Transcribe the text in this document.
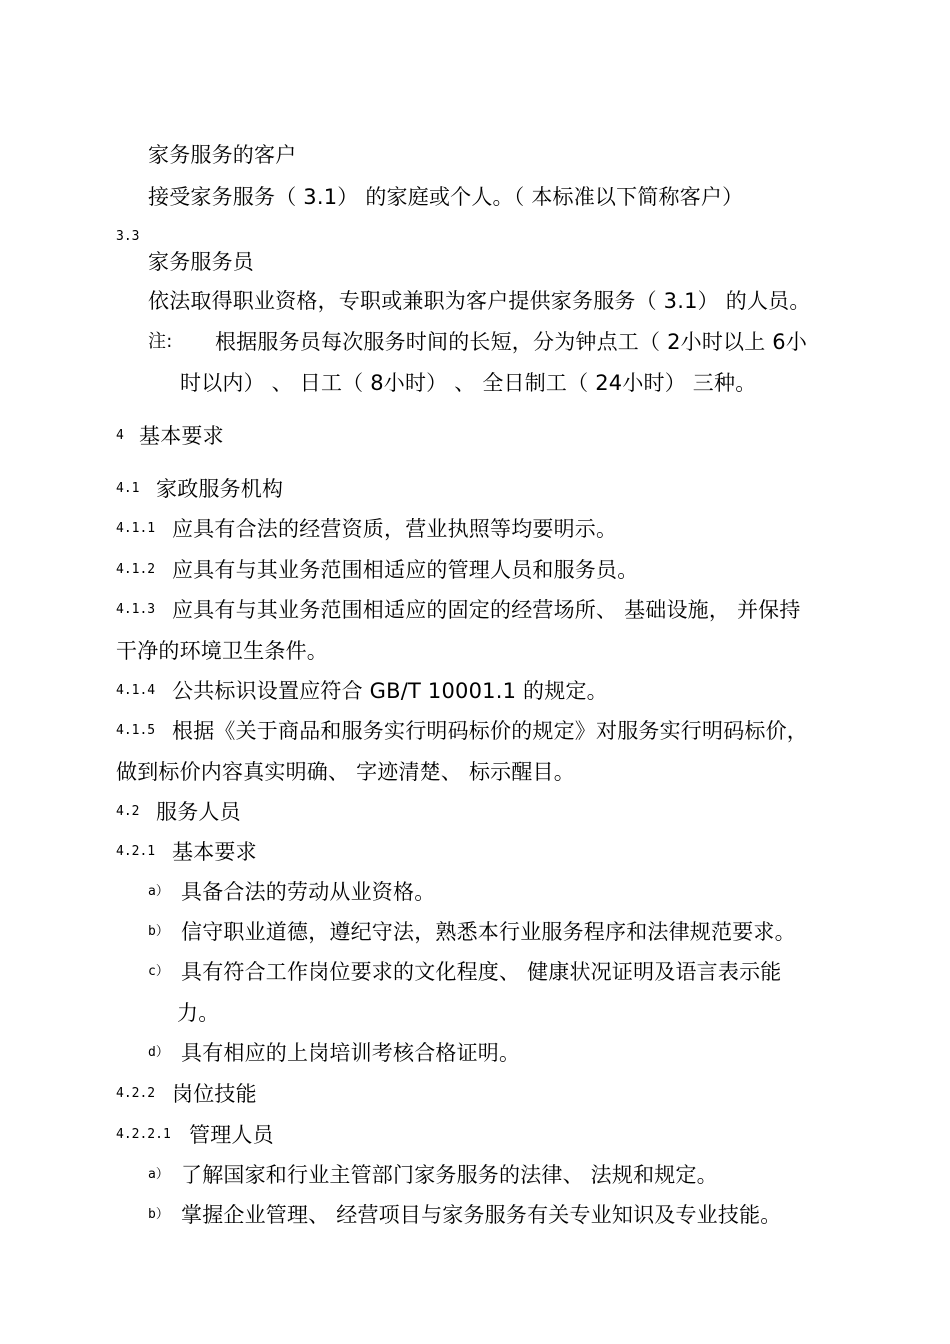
家务服务的客户
接受家务服务（ 3.1） 的家庭或个人。（ 本标准以下简称客户）
3.3
家务服务员
依法取得职业资格，专职或兼职为客户提供家务服务（ 3.1） 的人员。
注: 根据服务员每次服务时间的长短，分为钟点工（ 2小时以上 6小
时以内） 、 日工（ 8小时） 、 全日制工（ 24小时） 三种。
4 基本要求
4.1 家政服务机构
4.1.1 应具有合法的经营资质，营业执照等均要明示。
4.1.2 应具有与其业务范围相适应的管理人员和服务员。
4.1.3 应具有与其业务范围相适应的固定的经营场所、 基础设施， 并保持
干净的环境卫生条件。
4.1.4 公共标识设置应符合 GB/T 10001.1 的规定。
4.1.5 根据《关于商品和服务实行明码标价的规定》对服务实行明码标价，
做到标价内容真实明确、 字迹清楚、 标示醒目。
4.2 服务人员
4.2.1 基本要求
a） 具备合法的劳动从业资格。
b） 信守职业道德，遵纪守法，熟悉本行业服务程序和法律规范要求。
c） 具有符合工作岗位要求的文化程度、 健康状况证明及语言表示能
力。
d） 具有相应的上岗培训考核合格证明。
4.2.2 岗位技能
4.2.2.1 管理人员
a） 了解国家和行业主管部门家务服务的法律、 法规和规定。
b） 掌握企业管理、 经营项目与家务服务有关专业知识及专业技能。
